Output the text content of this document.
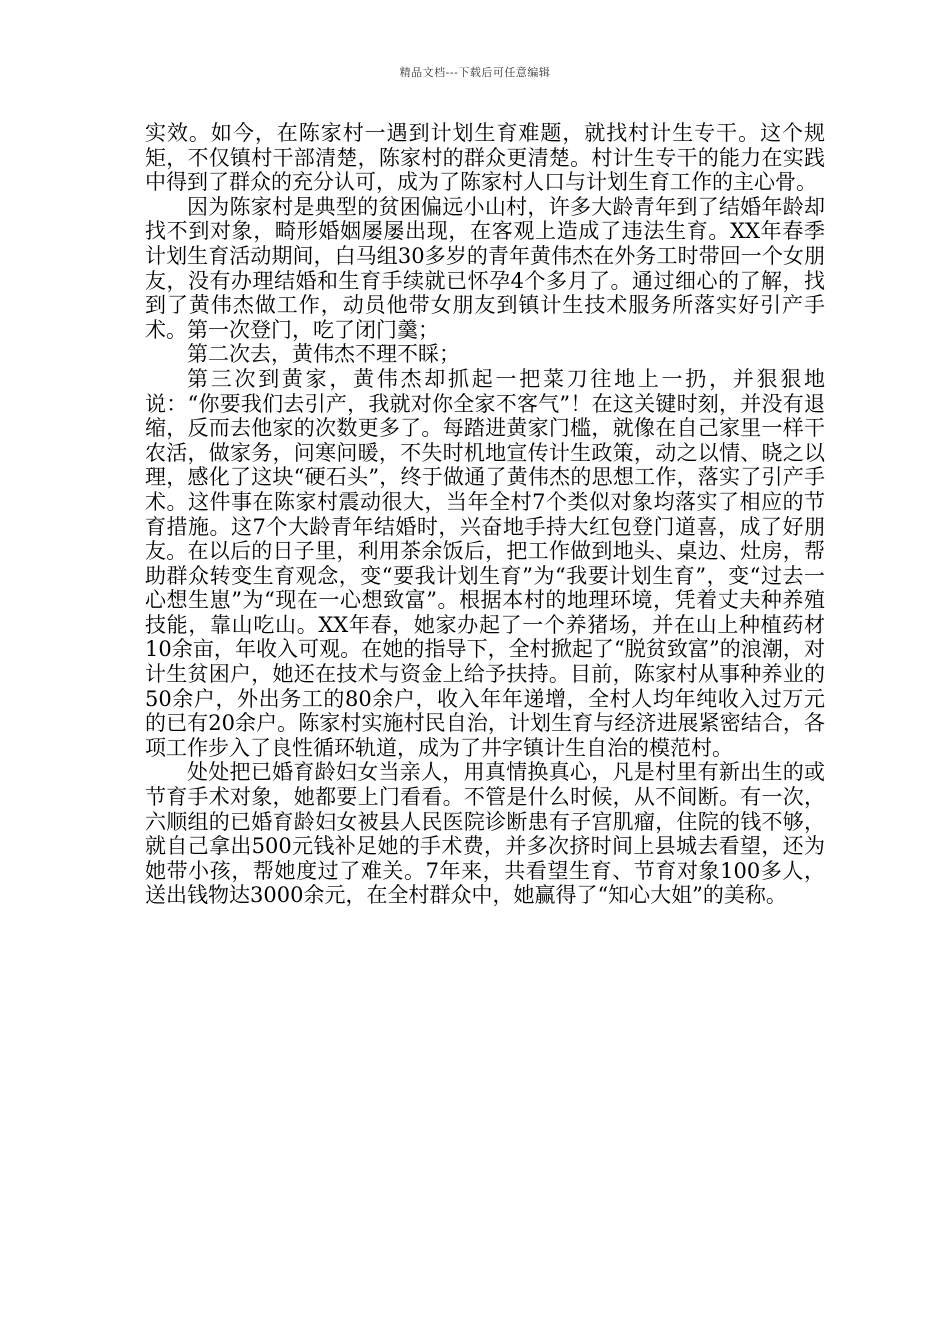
精品文档---下载后可任意编辑

实效。如今，在陈家村一遇到计划生育难题，就找村计生专干。这个规矩，不仅镇村干部清楚，陈家村的群众更清楚。村计生专干的能力在实践中得到了群众的充分认可，成为了陈家村人口与计划生育工作的主心骨。

因为陈家村是典型的贫困偏远小山村，许多大龄青年到了结婚年龄却找不到对象，畸形婚姻屡屡出现，在客观上造成了违法生育。XX年春季计划生育活动期间，白马组30多岁的青年黄伟杰在外务工时带回一个女朋友，没有办理结婚和生育手续就已怀孕4个多月了。通过细心的了解，找到了黄伟杰做工作，动员他带女朋友到镇计生技术服务所落实好引产手术。第一次登门，吃了闭门羹；

第二次去，黄伟杰不理不睬；

第三次到黄家，黄伟杰却抓起一把菜刀往地上一扔，并狠狠地说：“你要我们去引产，我就对你全家不客气”！在这关键时刻，并没有退缩，反而去他家的次数更多了。每踏进黄家门槛，就像在自己家里一样干农活，做家务，问寒问暖，不失时机地宣传计生政策，动之以情、晓之以理，感化了这块“硬石头”，终于做通了黄伟杰的思想工作，落实了引产手术。这件事在陈家村震动很大，当年全村7个类似对象均落实了相应的节育措施。这7个大龄青年结婚时，兴奋地手持大红包登门道喜，成了好朋友。在以后的日子里，利用茶余饭后，把工作做到地头、桌边、灶房，帮助群众转变生育观念，变“要我计划生育”为“我要计划生育”，变“过去一心想生崽”为“现在一心想致富”。根据本村的地理环境，凭着丈夫种养殖技能，靠山吃山。XX年春，她家办起了一个养猪场，并在山上种植药材10余亩，年收入可观。在她的指导下，全村掀起了“脱贫致富”的浪潮，对计生贫困户，她还在技术与资金上给予扶持。目前，陈家村从事种养业的50余户，外出务工的80余户，收入年年递增，全村人均年纯收入过万元的已有20余户。陈家村实施村民自治，计划生育与经济进展紧密结合，各项工作步入了良性循环轨道，成为了井字镇计生自治的模范村。

处处把已婚育龄妇女当亲人，用真情换真心，凡是村里有新出生的或节育手术对象，她都要上门看看。不管是什么时候，从不间断。有一次，六顺组的已婚育龄妇女被县人民医院诊断患有子宫肌瘤，住院的钱不够，就自己拿出500元钱补足她的手术费，并多次挤时间上县城去看望，还为她带小孩，帮她度过了难关。7年来，共看望生育、节育对象100多人，送出钱物达3000余元，在全村群众中，她赢得了“知心大姐”的美称。
